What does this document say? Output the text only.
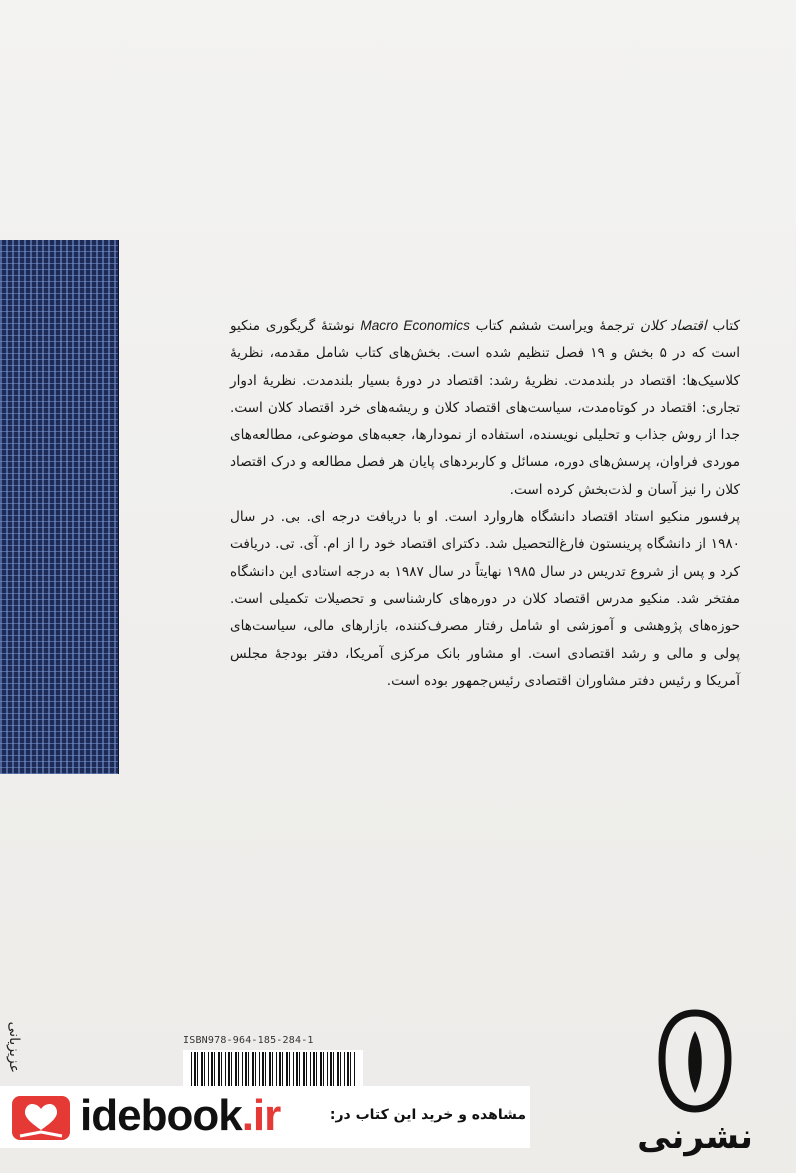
کتاب اقتصاد کلان ترجمهٔ ویراست ششم کتاب Macro Economics نوشتهٔ گریگوری منکیو است که در ۵ بخش و ۱۹ فصل تنظیم شده است. بخش‌های کتاب شامل مقدمه، نظریهٔ کلاسیک‌ها: اقتصاد در بلندمدت. نظریهٔ رشد: اقتصاد در دورهٔ بسیار بلندمدت. نظریهٔ ادوار تجاری: اقتصاد در کوتاه‌مدت، سیاست‌های اقتصاد کلان و ریشه‌های خرد اقتصاد کلان است. جدا از روش جذاب و تحلیلی نویسنده، استفاده از نمودارها، جعبه‌های موضوعی، مطالعه‌های موردی فراوان، پرسش‌های دوره، مسائل و کاربردهای پایان هر فصل مطالعه و درک اقتصاد کلان را نیز آسان و لذت‌بخش کرده است.

پرفسور منکیو استاد اقتصاد دانشگاه هاروارد است. او با دریافت درجه ای. بی. در سال ۱۹۸۰ از دانشگاه پرینستون فارغ‌التحصیل شد. دکترای اقتصاد خود را از ام. آی. تی. دریافت کرد و پس از شروع تدریس در سال ۱۹۸۵ نهایتاً در سال ۱۹۸۷ به درجه استادی این دانشگاه مفتخر شد. منکیو مدرس اقتصاد کلان در دوره‌های کارشناسی و تحصیلات تکمیلی است. حوزه‌های پژوهشی و آموزشی او شامل رفتار مصرف‌کننده، بازارهای مالی، سیاست‌های پولی و مالی و رشد اقتصادی است. او مشاور بانک مرکزی آمریکا، دفتر بودجهٔ مجلس آمریکا و رئیس دفتر مشاوران اقتصادی رئیس‌جمهور بوده است.

عزیزیانی	ISBN978-964-185-284-1
idebook.ir	مشاهده و خرید این کتاب در:
نشرنی
